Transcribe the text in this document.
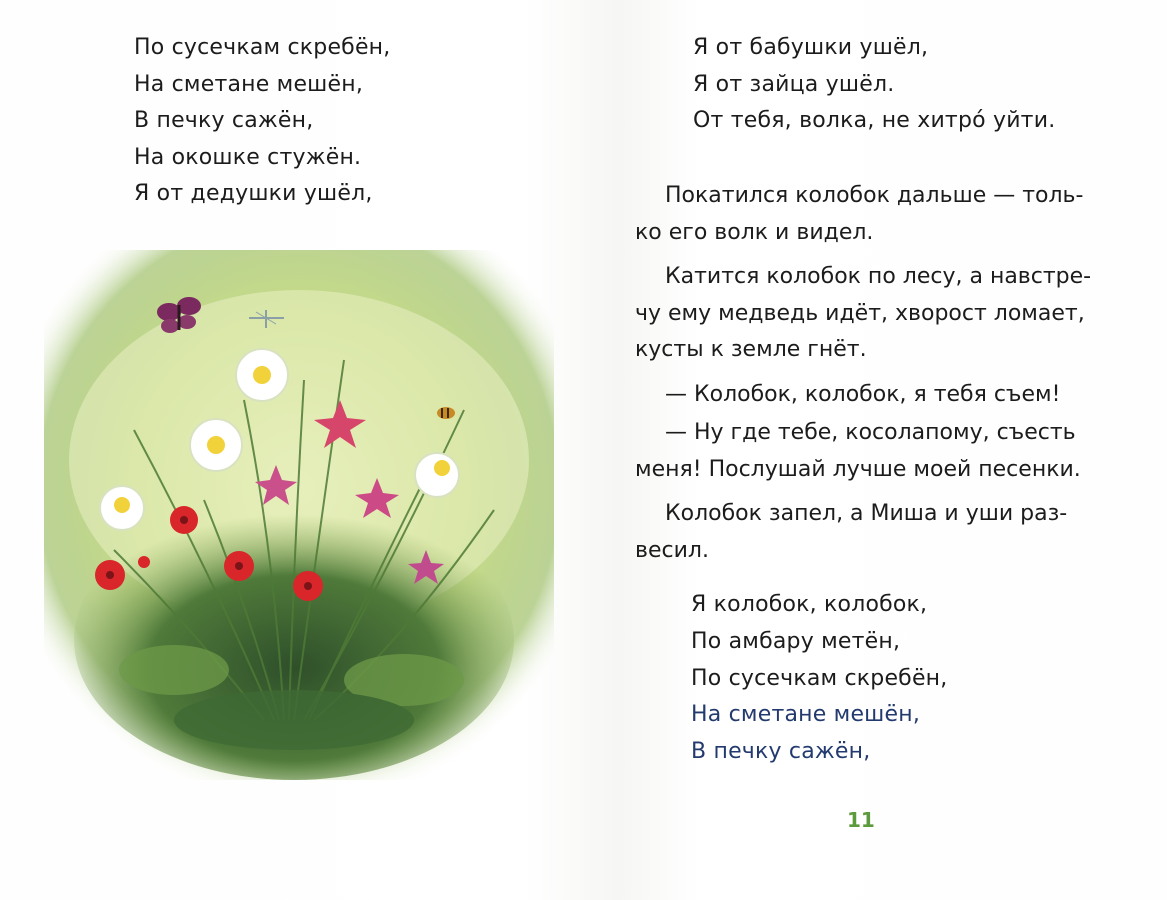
По сусечкам скребён,
На сметане мешён,
В печку сажён,
На окошке стужён.
Я от дедушки ушёл,
Я от бабушки ушёл,
Я от зайца ушёл.
От тебя, волка, не хитрó уйти.

Покатился колобок дальше — толь-
ко его волк и видел.

Катится колобок по лесу, а навстре-
чу ему медведь идёт, хворост ломает,
кусты к земле гнёт.

— Колобок, колобок, я тебя съем!

— Ну где тебе, косолапому, съесть
меня! Послушай лучше моей песенки.

Колобок запел, а Миша и уши раз-
весил.

Я колобок, колобок,
По амбару метён,
По сусечкам скребён,
На сметане мешён,
В печку сажён,
11
